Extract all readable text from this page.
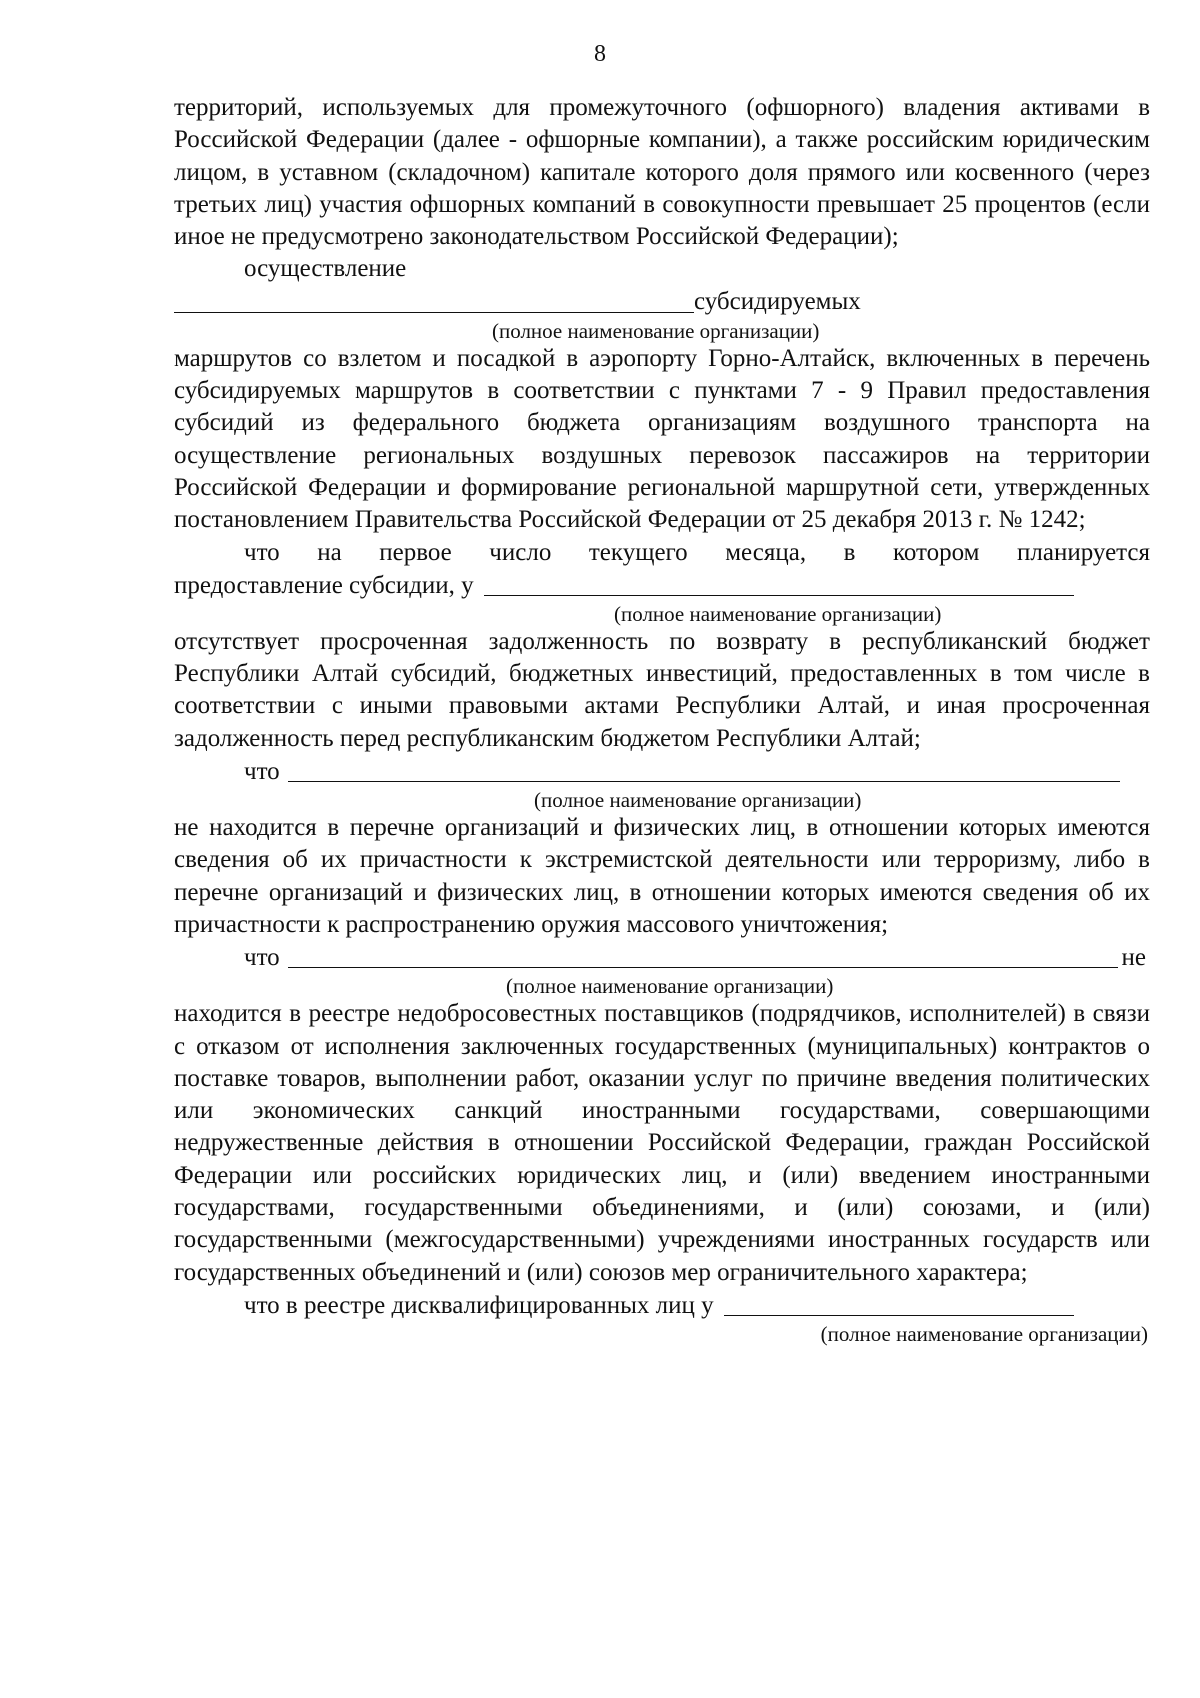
8

территорий, используемых для промежуточного (офшорного) владения активами в Российской Федерации (далее - офшорные компании), а также российским юридическим лицом, в уставном (складочном) капитале которого доля прямого или косвенного (через третьих лиц) участия офшорных компаний в совокупности превышает 25 процентов (если иное не предусмотрено законодательством Российской Федерации);

осуществление

субсидируемых
(полное наименование организации)

маршрутов со взлетом и посадкой в аэропорту Горно-Алтайск, включенных в перечень субсидируемых маршрутов в соответствии с пунктами 7 - 9 Правил предоставления субсидий из федерального бюджета организациям воздушного транспорта на осуществление региональных воздушных перевозок пассажиров на территории Российской Федерации и формирование региональной маршрутной сети, утвержденных постановлением Правительства Российской Федерации от 25 декабря 2013 г. № 1242;

что на первое число текущего месяца, в котором планируется

предоставление субсидии, у
(полное наименование организации)

отсутствует просроченная задолженность по возврату в республиканский бюджет Республики Алтай субсидий, бюджетных инвестиций, предоставленных в том числе в соответствии с иными правовыми актами Республики Алтай, и иная просроченная задолженность перед республиканским бюджетом Республики Алтай;

что
(полное наименование организации)

не находится в перечне организаций и физических лиц, в отношении которых имеются сведения об их причастности к экстремистской деятельности или терроризму, либо в перечне организаций и физических лиц, в отношении которых имеются сведения об их причастности к распространению оружия массового уничтожения;

что	не
(полное наименование организации)

находится в реестре недобросовестных поставщиков (подрядчиков, исполнителей) в связи с отказом от исполнения заключенных государственных (муниципальных) контрактов о поставке товаров, выполнении работ, оказании услуг по причине введения политических или экономических санкций иностранными государствами, совершающими недружественные действия в отношении Российской Федерации, граждан Российской Федерации или российских юридических лиц, и (или) введением иностранными государствами, государственными объединениями, и (или) союзами, и (или) государственными (межгосударственными) учреждениями иностранных государств или государственных объединений и (или) союзов мер ограничительного характера;

что в реестре дисквалифицированных лиц у
(полное наименование организации)
